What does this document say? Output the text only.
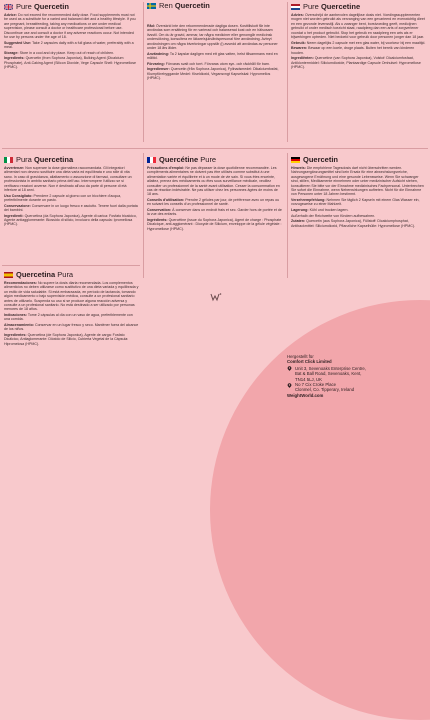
Pure Quercetin
Advice: Do not exceed the recommended daily dose. Food supplements must not be used as a substitute for a varied and balanced diet and a healthy lifestyle. If you are pregnant, breastfeeding, taking any medications or are under medical supervision, please consult a doctor or healthcare professional before use. Discontinue use and consult a doctor if any adverse reactions occur. Not intended for use by persons under the age of 18.
Suggested Use: Take 2 capsules daily with a full glass of water, preferably with a meal.
Storage: Store in a cool and dry place. Keep out of reach of children.
Ingredients: Quercetin (from Sophora Japonica), Bulking Agent (Dicalcium Phosphate), Anti-Caking Agent (Silicon Dioxide, Vege Capsule Shell: Hypromellose (HPMC).
Ren Quercetin
Råd: Överskrid inte den rekommenderade dagliga dosen. Kosttillskott får inte användas som ersättning för en varierad och balanserad kost och en hälsosam livsstil. Om du är gravid, ammar, tar några mediciner eller genomgår medicinsk undersökning, konsultera en läkare/sjukvårdspersonal före användning. Avbryt användningen om några biverkningar uppstår (i) avsedd att användas av personer under 18 års ålder.
Användning: Ta 2 kapslar dagligen med ett glas vatten, helst tillsammans med en måltid.
Förvaring: Förvaras svalt och torrt. Förvaras utom syn- och räckhåll för barn.
Ingredienser: Quercetin (från Sophora Japonica), Fyllnadsmedel: Dikalciumfosfat, Klumpförebyggande Medel: Kiseldioxid, Vegansvngt Kapselskal: Hypromellos (HPMC).
Pure Quercetine
Advies: Overschrijd de aanbevolen dagelijkse dosis niet. Voedingssupplementen mogen niet worden gebruikt als vervanging van een gevarieerd en evenwichtig dieet en een gezonde levensstijl. Als u zwanger bent, borstvoeding geeft, medicijnen gebruikt of onder medisch toezicht staat, raadpleeg dan een arts of zorgverlener voordat u het product gebruikt. Stop het gebruik en raadpleeg een arts als er bijwerkingen optreden. Niet bedoeld voor gebruik door personen jonger dan 18 jaar.
Gebruik: Neem dagelijks 2 capsule met een glas water, bij voorkeur bij een maaltijd.
Bewaren: Bewaar op een koele, droge plaats. Buiten het bereik van kinderen houden.
Ingrediënten: Quercetine (van Sophora Japonica), Vulstof: Dicalciumfosfaat, Antiklontermiddel: Siliciumdioxide, Plantaardige Capsule Omhulsel: Hypromellose (HPMC).
Pura Quercetina
Avvertenze: Non superare la dose giornaliera raccomandata. Gli integratori alimentari non devono sostituire una dieta varia ed equilibrata e uno stile di vita sano. In caso di gravidanza, allattamento o assunzione di farmaci, consultare un professionista in ambito sanitario prima dell'uso. Interrompere l'utilizzo se si verificano reazioni avverse. Non è destinato all'uso da parte di persone di età inferiore ai 18 anni.
Uso Consigliato: Prendere 2 capsule al giorno con un bicchiere d'acqua, preferibilmente durante un pasto.
Conservazione: Conservare in un luogo fresco e asciutto. Tenere fuori dalla portata dei bambini.
Ingredienti: Quercetina (da Sophora Japonica), Agente di carica: Fosfato bicalcico, Agente antiagglomerante: Biossido di silicio, involucro della capsula: Ipromellosa (HPMC).
Quercétine Pure
Précautions d'emploi: Ne pas dépasser la dose quotidienne recommandée. Les compléments alimentaires ne doivent pas être utilisés comme substitut à une alimentation variée et équilibrée et à un mode de vie sain. Si vous êtes enceinte, allaitez, prenez des médicaments ou êtes sous surveillance médicale, veuillez consulter un professionnel de la santé avant utilisation. Cesser la consommation en cas de réaction indésirable. Ne pas utiliser chez les personnes âgées de moins de 18 ans.
Conseils d'utilisation: Prendre 2 gélules par jour, de préférence avec un repas ou en suivant les conseils d'un professionnel de santé.
Conservation: À conserver dans un endroit frais et sec. Garder hors de portée et de la vue des enfants.
Ingrédients: Quercétine (issue du Sophora Japonica), Agent de charge : Phosphate Dicalcique, anti-agglomérant : Dioxyde de Silicium, enveloppe de la gélule végétale : Hypromellose (HPMC).
Quercetin
Hinweis: Die empfohlene Tagesdosis darf nicht überschritten werden. Nahrungsergänzungsmittel sind kein Ersatz für eine abwechslungsreiche, ausgewogene Ernährung und eine gesunde Lebensweise. Wenn Sie schwanger sind, stillen, Medikamente einnehmen oder unter medizinischer Aufsicht stehen, konsultieren Sie bitte vor der Einnahme medizinisches Fachpersonal. Unterbrechen Sie sofort die Einnahme, wenn Nebenwirkungen auftreten. Nicht für die Einnahme von Personen unter 18 Jahren bestimmt.
Verzehrempfehlung: Nehmen Sie täglich 2 Kapseln mit einem Glas Wasser ein, vorzugsweise zu einer Mahlzeit.
Lagerung: Kühl und trocken lagern.
Außerhalb der Reichweite von Kindern aufbewahren.
Zutaten: Quercetin (aus Sophora Japonica), Füllstoff: Dicalciumphosphat, Antibackmittel: Siliciumdioxid, Pflanzliche Kapselhülle: Hypromellose (HPMC).
Quercetina Pura
Recomendaciones: No supere la dosis diaria recomendada. Los complementos alimenticios no deben utilizarse como sustitutivo de una dieta variada y equilibrada y un estilo de vida saludable. Si está embarazada, en período de lactancia, tomando algún medicamento o bajo supervisión médica, consulte a un profesional sanitario antes de utilizarlo. Suspenda su uso si se produce alguna reacción adversa y consulte a un profesional sanitario. No está destinado a ser utilizado por personas menores de 18 años.
Indicaciones: Tome 2 cápsulas al día con un vaso de agua, preferiblemente con una comida.
Almacenamiento: Conservar en un lugar fresco y seco. Manténer fuera del alcance de los niños.
Ingredientes: Quercetina (de Sophora Japonica), Agente de carga: Fosfato Dicálcico, Antiaglomerante: Dióxido de Silicio, Cubierta Vegetal de la Cápsula: Hipromelosa (HPMC).
Hergestellt für
Comfort Click Limited
Unit 3, Sevenoaks Enterprise Centre,
Bat & Ball Road, Sevenoaks, Kent,
TN14 5LJ, UK
No 7 Cix Croke Place
Clonmel, Co. Tipperary, Ireland
WeightWorld.com
